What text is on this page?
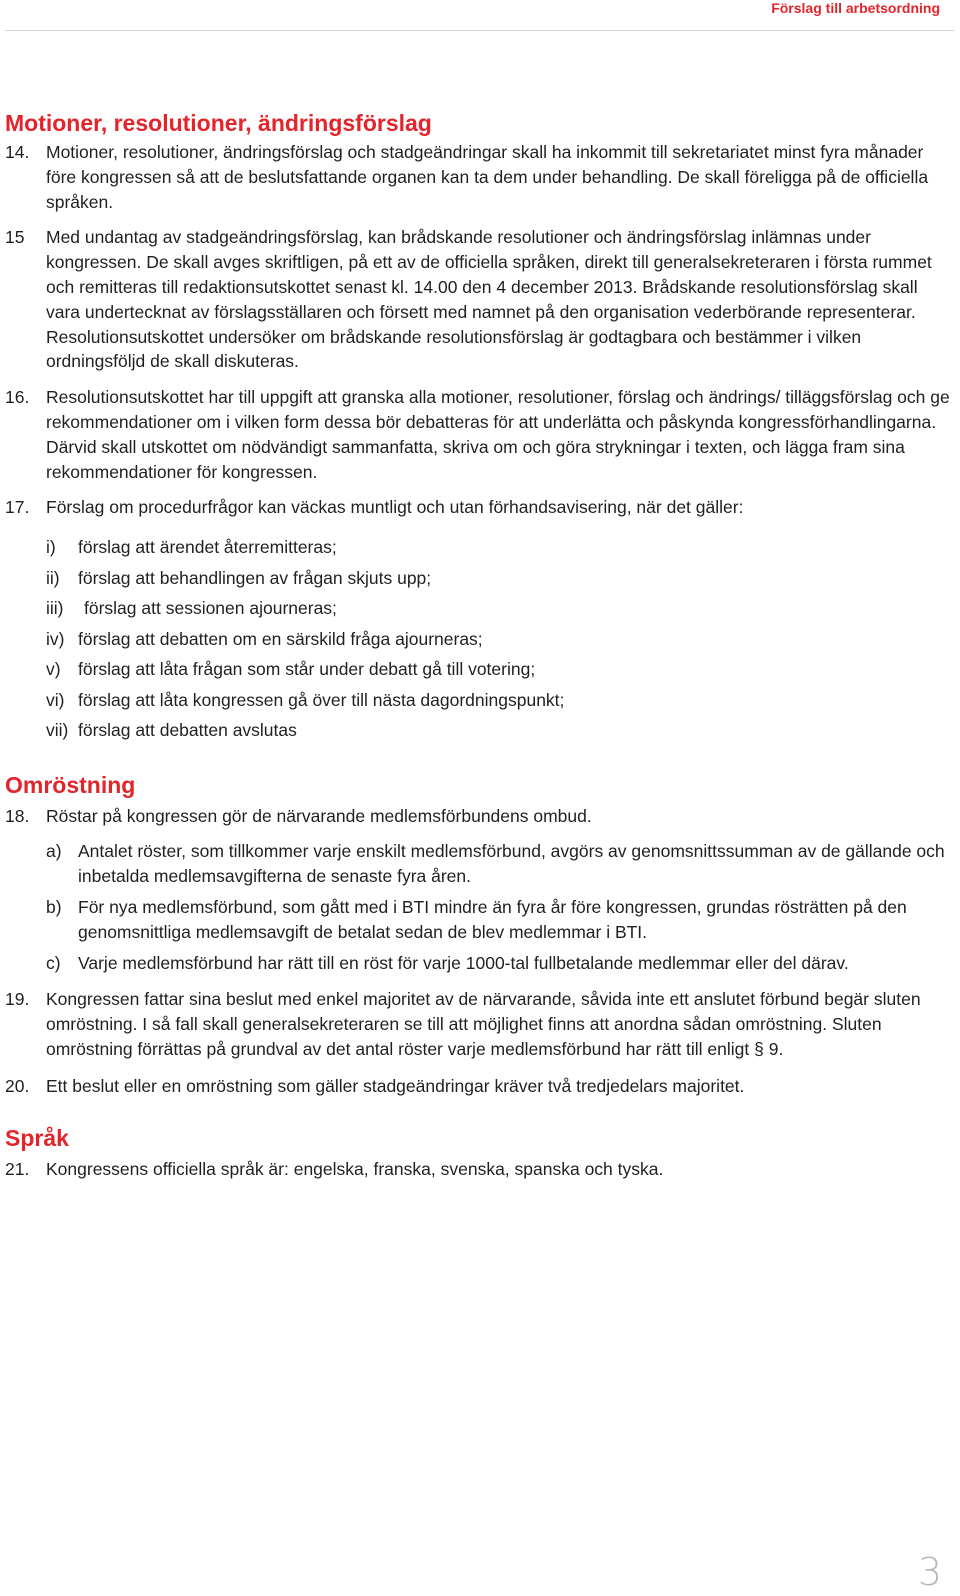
Förslag till arbetsordning
Motioner, resolutioner, ändringsförslag
14. Motioner, resolutioner, ändringsförslag och stadgeändringar skall ha inkommit till sekretariatet minst fyra månader före kongressen så att de beslutsfattande organen kan ta dem under behandling. De skall föreligga på de officiella språken.
15 Med undantag av stadgeändringsförslag, kan brådskande resolutioner och ändringsförslag inlämnas under kongressen. De skall avges skriftligen, på ett av de officiella språken, direkt till generalsekreteraren i första rummet och remitteras till redaktionsutskottet senast kl. 14.00 den 4 december 2013. Brådskande resolutionsförslag skall vara undertecknat av förslagsställaren och försett med namnet på den organisation vederbörande representerar. Resolutionsutskottet undersöker om brådskande resolutionsförslag är godtagbara och bestämmer i vilken ordningsföljd de skall diskuteras.
16. Resolutionsutskottet har till uppgift att granska alla motioner, resolutioner, förslag och ändrings/ tilläggsförslag och ge rekommendationer om i vilken form dessa bör debatteras för att underlätta och påskynda kongressförhandlingarna. Därvid skall utskottet om nödvändigt sammanfatta, skriva om och göra strykningar i texten, och lägga fram sina rekommendationer för kongressen.
17. Förslag om procedurfrågor kan väckas muntligt och utan förhandsavisering, när det gäller:
i) förslag att ärendet återremitteras;
ii) förslag att behandlingen av frågan skjuts upp;
iii) förslag att sessionen ajourneras;
iv) förslag att debatten om en särskild fråga ajourneras;
v) förslag att låta frågan som står under debatt gå till votering;
vi) förslag att låta kongressen gå över till nästa dagordningspunkt;
vii) förslag att debatten avslutas
Omröstning
18. Röstar på kongressen gör de närvarande medlemsförbundens ombud.
a) Antalet röster, som tillkommer varje enskilt medlemsförbund, avgörs av genomsnittssumman av de gällande och inbetalda medlemsavgifterna de senaste fyra åren.
b) För nya medlemsförbund, som gått med i BTI mindre än fyra år före kongressen, grundas rösträtten på den genomsnittliga medlemsavgift de betalat sedan de blev medlemmar i BTI.
c) Varje medlemsförbund har rätt till en röst för varje 1000-tal fullbetalande medlemmar eller del därav.
19. Kongressen fattar sina beslut med enkel majoritet av de närvarande, såvida inte ett anslutet förbund begär sluten omröstning. I så fall skall generalsekreteraren se till att möjlighet finns att anordna sådan omröstning. Sluten omröstning förrättas på grundval av det antal röster varje medlemsförbund har rätt till enligt § 9.
20. Ett beslut eller en omröstning som gäller stadgeändringar kräver två tredjedelars majoritet.
Språk
21. Kongressens officiella språk är: engelska, franska, svenska, spanska och tyska.
3
